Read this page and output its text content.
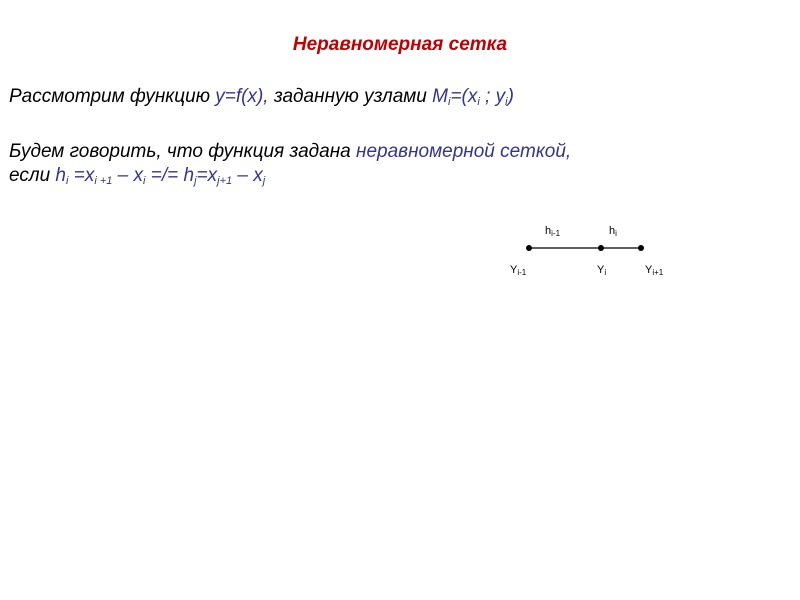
Неравномерная сетка
Рассмотрим функцию y=f(x), заданную узлами $M_i=(x_i$ ; $y_i$)
Будем говорить, что функция задана неравномерной сеткой,
если $h_i =x_{i +1} - x_i$ =/= $h_j=x_{j+1} - x_j$
$h_{i-1}$	$h_i$
$Y_{i-1}$	$Y_i$	$Y_{i+1}$
